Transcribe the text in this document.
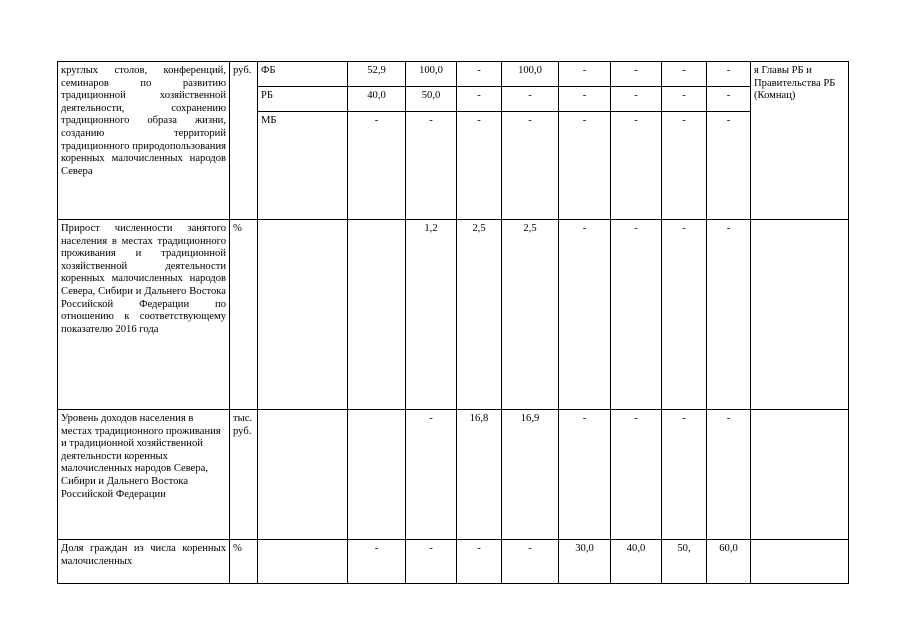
круглых столов, конференций, семинаров по развитию традиционной хозяйственной деятельности, сохранению традиционного образа жизни, созданию территорий традиционного природопользования коренных малочисленных народов Севера	руб.	ФБ	52,9	100,0	-	100,0	-	-	-	-	я Главы РБ и Правительства РБ (Комнац)
		РБ	40,0	50,0	-	-	-	-	-	-	
		МБ	-	-	-	-	-	-	-	-	
Прирост численности занятого населения в местах традиционного проживания и традиционной хозяйственной деятельности коренных малочисленных народов Севера, Сибири и Дальнего Востока Российской Федерации по отношению к соответствующему показателю 2016 года	%			1,2	2,5	2,5	-	-	-	-	
Уровень доходов населения в местах традиционного проживания и традиционной хозяйственной деятельности коренных малочисленных народов Севера, Сибири и Дальнего Востока Российской Федерации	тыс. руб.			-	16,8	16,9	-	-	-	-	
Доля граждан из числа коренных малочисленных	%		-	-	-	-	30,0	40,0	50,	60,0	
